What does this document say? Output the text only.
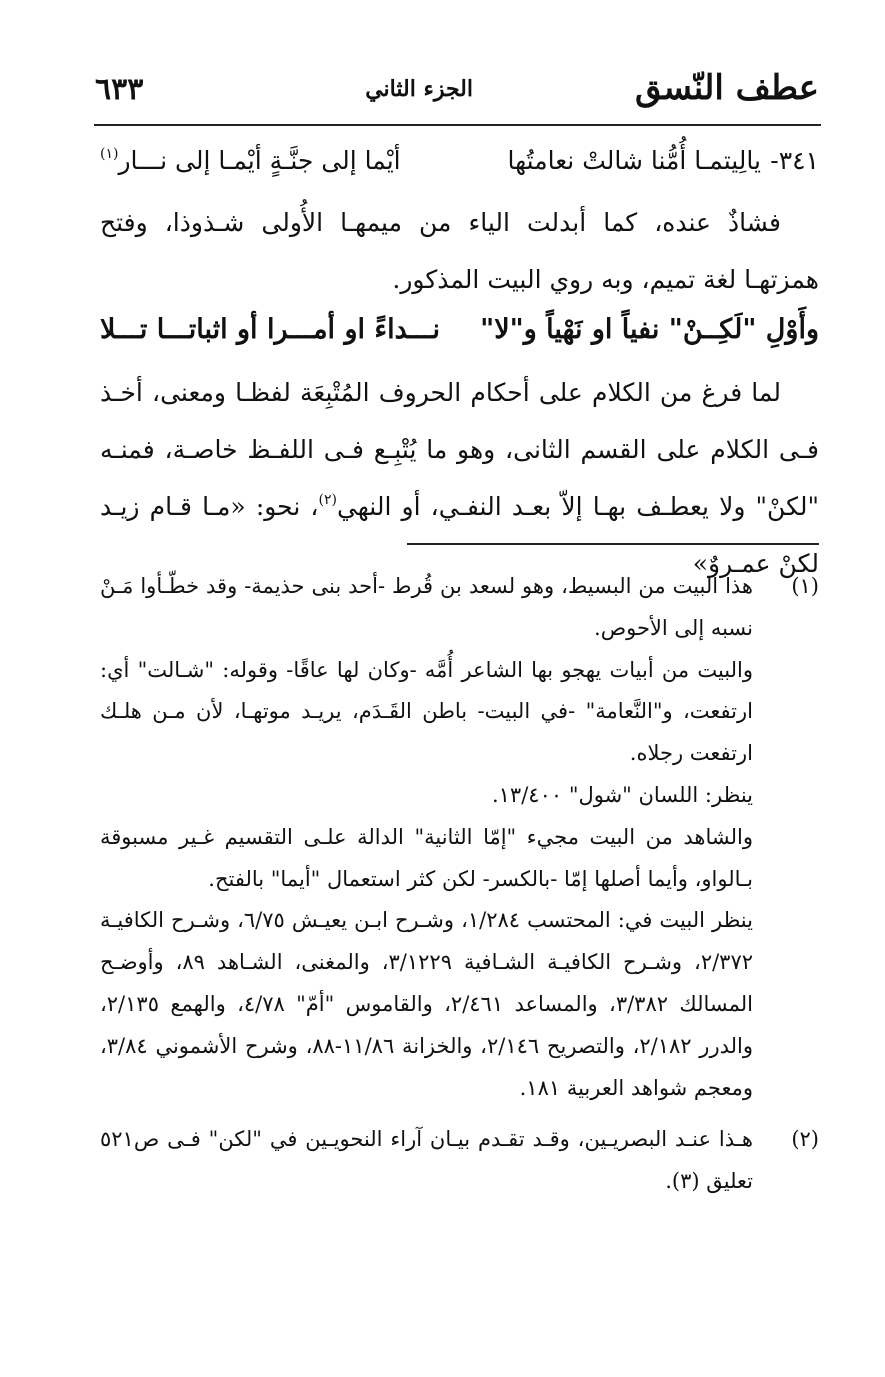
عطف النّسق
الجزء الثاني
٦٣٣
٣٤١-
يالِيتمـا أُمُّنا شالتْ نعامتُها
أيْما إلى جنَّـةٍ أيْمـا إلى نـــار$^{(١)}$
فشاذٌ عنده، كما أبدلت الياء من ميمهـا الأُولى شـذوذا، وفتح همزتهـا لغة تميم، وبه روي البيت المذكور.
وأَوْلِ "لَكِــنْ" نفياً او نَهْياً و"لا"
نـــداءً او أمـــرا أو اثباتـــا تـــلا
لما فرغ من الكلام على أحكام الحروف المُتْبِعَة لفظـا ومعنى، أخـذ فـى الكلام على القسم الثانى، وهو ما يُتْبِـع فـى اللفـظ خاصـة، فمنـه "لكنْ" ولا يعطـف بهـا إلاّ بعـد النفـي، أو النهي$^{(٢)}$، نحو: «مـا قـام زيـد لكنْ عمـروٌ»
(١)

هذا البيت من البسيط، وهو لسعد بن قُرط -أحد بنى حذيمة- وقد خطّـأوا مَـنْ نسبه إلى الأحوص.

والبيت من أبيات يهجو بها الشاعر أُمَّه -وكان لها عاقًا- وقوله: "شـالت" أي: ارتفعت، و"النَّعامة" -في البيت- باطن القَـدَم، يريـد موتهـا، لأن مـن هلـك ارتفعت رجلاه.

ينظر: اللسان "شول" ١٣/٤٠٠.

والشاهد من البيت مجيء "إمّا الثانية" الدالة علـى التقسيم غـير مسبوقة بـالواو، وأيما أصلها إمّا -بالكسر- لكن كثر استعمال "أيما" بالفتح.

ينظر البيت في: المحتسب ١/٢٨٤، وشـرح ابـن يعيـش ٦/٧٥، وشـرح الكافيـة ٢/٣٧٢، وشـرح الكافيـة الشـافية ٣/١٢٢٩، والمغنى، الشـاهد ٨٩، وأوضـح المسالك ٣/٣٨٢، والمساعد ٢/٤٦١، والقاموس "أمّ" ٤/٧٨، والهمع ٢/١٣٥، والدرر ٢/١٨٢، والتصريح ٢/١٤٦، والخزانة ١١/٨٦-٨٨، وشرح الأشموني ٣/٨٤، ومعجم شواهد العربية ١٨١.

(٢)

هـذا عنـد البصريـين، وقـد تقـدم بيـان آراء النحويـين في "لكن" فـى ص٥٢١ تعليق (٣).
